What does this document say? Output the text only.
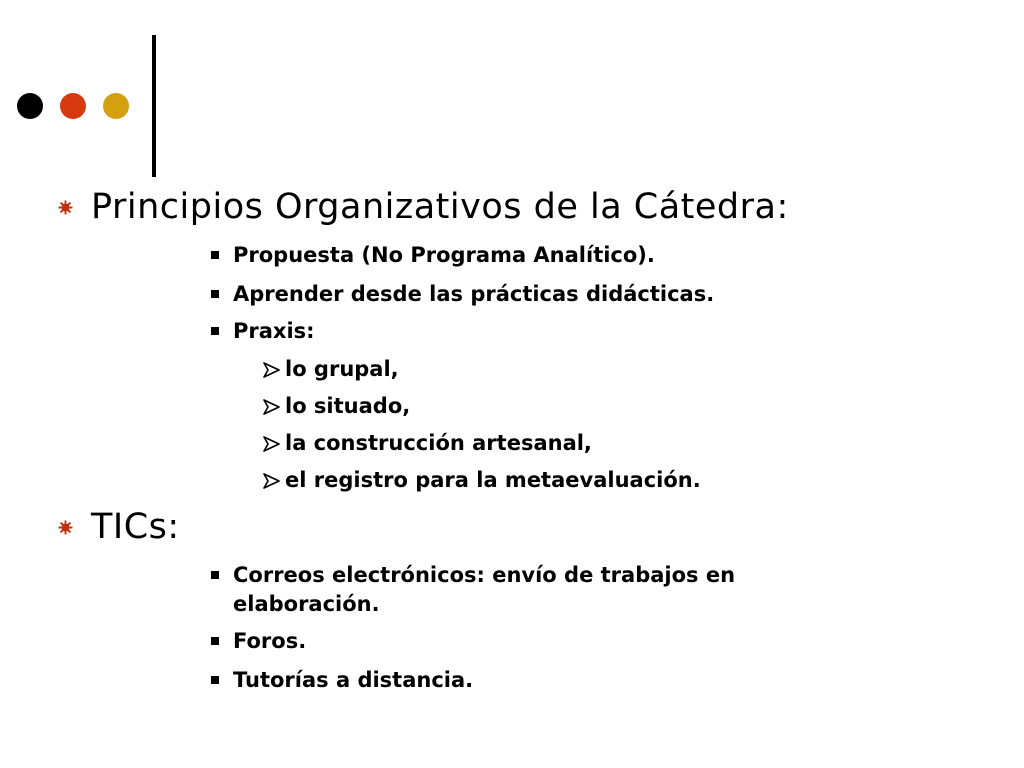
Principios Organizativos de la Cátedra:
Propuesta (No Programa Analítico).
Aprender desde las prácticas didácticas.
Praxis:
lo grupal,
lo situado,
la construcción artesanal,
el registro para la metaevaluación.
TICs:
Correos electrónicos: envío de trabajos en elaboración.
Foros.
Tutorías a distancia.
